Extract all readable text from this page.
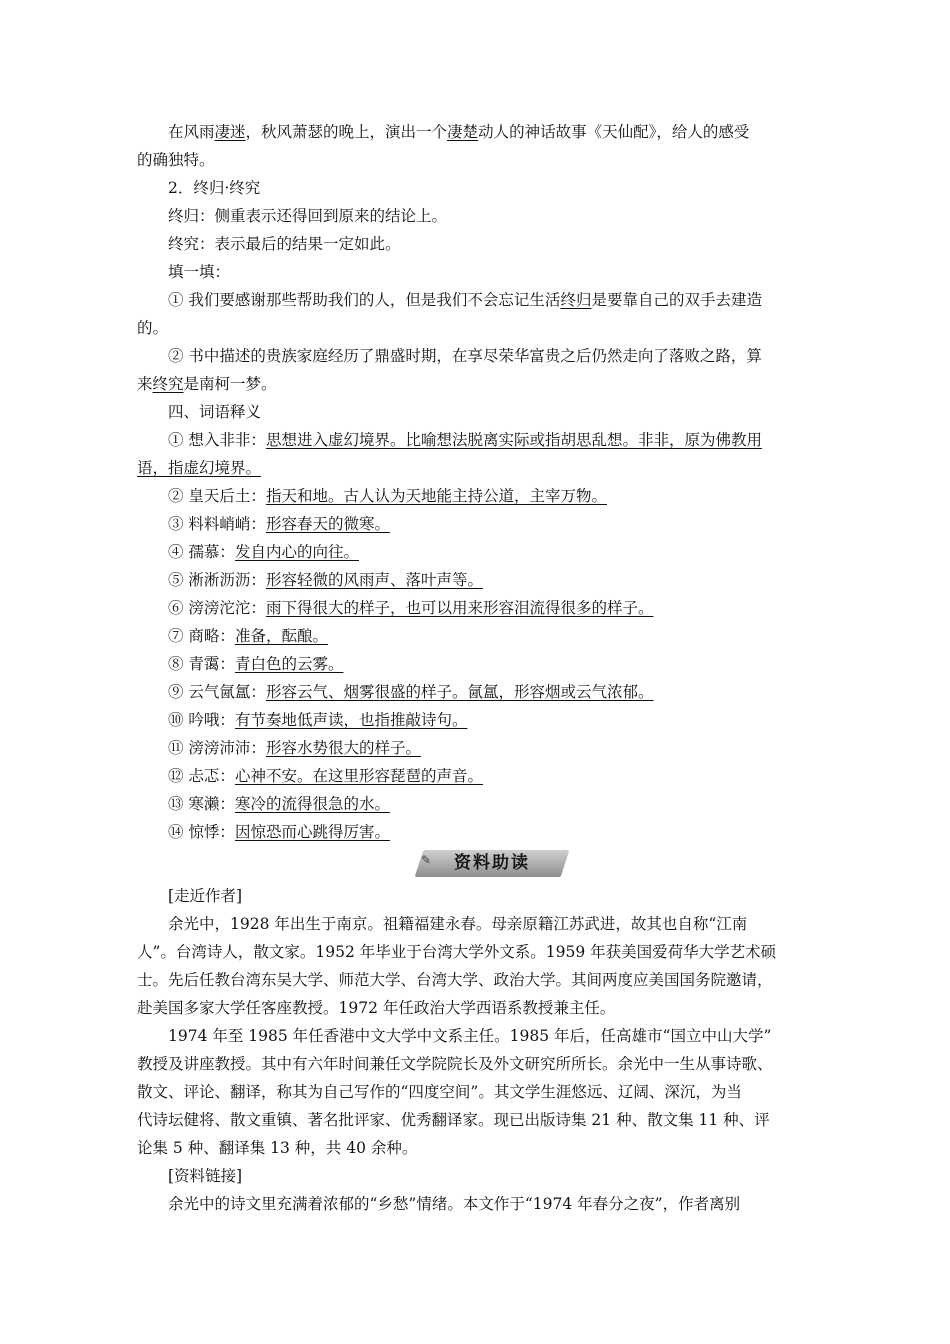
在风雨凄迷，秋风萧瑟的晚上，演出一个凄楚动人的神话故事《天仙配》，给人的感受
的确独特。
2．终归·终究
终归：侧重表示还得回到原来的结论上。
终究：表示最后的结果一定如此。
填一填：
① 我们要感谢那些帮助我们的人，但是我们不会忘记生活终归是要靠自己的双手去建造
的。
② 书中描述的贵族家庭经历了鼎盛时期，在享尽荣华富贵之后仍然走向了落败之路，算
来终究是南柯一梦。
四、词语释义
① 想入非非：思想进入虚幻境界。比喻想法脱离实际或指胡思乱想。非非，原为佛教用
语，指虚幻境界。
② 皇天后土：指天和地。古人认为天地能主持公道，主宰万物。
③ 料料峭峭：形容春天的微寒。
④ 孺慕：发自内心的向往。
⑤ 淅淅沥沥：形容轻微的风雨声、落叶声等。
⑥ 滂滂沱沱：雨下得很大的样子，也可以用来形容泪流得很多的样子。
⑦ 商略：准备，酝酿。
⑧ 青霭：青白色的云雾。
⑨ 云气氤氲：形容云气、烟雾很盛的样子。氤氲，形容烟或云气浓郁。
⑩ 吟哦：有节奏地低声读，也指推敲诗句。
⑪ 滂滂沛沛：形容水势很大的样子。
⑫ 忐忑：心神不安。在这里形容琵琶的声音。
⑬ 寒濑：寒冷的流得很急的水。
⑭ 惊悸：因惊恐而心跳得厉害。
✎	资料助读
[走近作者]
余光中，1928 年出生于南京。祖籍福建永春。母亲原籍江苏武进，故其也自称“江南
人”。台湾诗人，散文家。1952 年毕业于台湾大学外文系。1959 年获美国爱荷华大学艺术硕
士。先后任教台湾东吴大学、师范大学、台湾大学、政治大学。其间两度应美国国务院邀请，
赴美国多家大学任客座教授。1972 年任政治大学西语系教授兼主任。
1974 年至 1985 年任香港中文大学中文系主任。1985 年后，任高雄市“国立中山大学”
教授及讲座教授。其中有六年时间兼任文学院院长及外文研究所所长。余光中一生从事诗歌、
散文、评论、翻译，称其为自己写作的“四度空间”。其文学生涯悠远、辽阔、深沉，为当
代诗坛健将、散文重镇、著名批评家、优秀翻译家。现已出版诗集 21 种、散文集 11 种、评
论集 5 种、翻译集 13 种，共 40 余种。
[资料链接]
余光中的诗文里充满着浓郁的“乡愁”情绪。本文作于“1974 年春分之夜”，作者离别
